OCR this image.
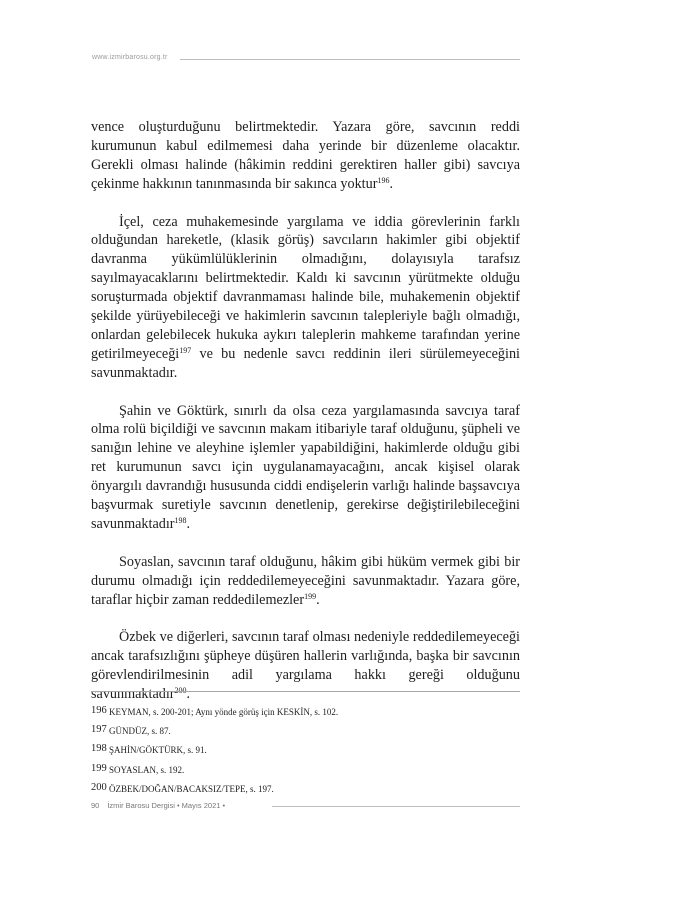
www.izmirbarosu.org.tr

vence oluşturduğunu belirtmektedir. Yazara göre, savcının reddi kurumunun kabul edilmemesi daha yerinde bir düzenleme olacaktır. Gerekli olması halinde (hâkimin reddini gerektiren haller gibi) savcıya çekinme hakkının tanınmasında bir sakınca yoktur$^{196}$.

İçel, ceza muhakemesinde yargılama ve iddia görevlerinin farklı olduğundan hareketle, (klasik görüş) savcıların hakimler gibi objektif davranma yükümlülüklerinin olmadığını, dolayısıyla tarafsız sayılmayacaklarını belirtmektedir. Kaldı ki savcının yürütmekte olduğu soruşturmada objektif davranmaması halinde bile, muhakemenin objektif şekilde yürüyebileceği ve hakimlerin savcının talepleriyle bağlı olmadığı, onlardan gelebilecek hukuka aykırı taleplerin mahkeme tarafından yerine getirilmeyeceği$^{197}$ ve bu nedenle savcı reddinin ileri sürülemeyeceğini savunmaktadır.

Şahin ve Göktürk, sınırlı da olsa ceza yargılamasında savcıya taraf olma rolü biçildiği ve savcının makam itibariyle taraf olduğunu, şüpheli ve sanığın lehine ve aleyhine işlemler yapabildiğini, hakimlerde olduğu gibi ret kurumunun savcı için uygulanamayacağını, ancak kişisel olarak önyargılı davrandığı hususunda ciddi endişelerin varlığı halinde başsavcıya başvurmak suretiyle savcının denetlenip, gerekirse değiştirilebileceğini savunmaktadır$^{198}$.

Soyaslan, savcının taraf olduğunu, hâkim gibi hüküm vermek gibi bir durumu olmadığı için reddedilemeyeceğini savunmaktadır. Yazara göre, taraflar hiçbir zaman reddedilemezler$^{199}$.

Özbek ve diğerleri, savcının taraf olması nedeniyle reddedilemeyeceği ancak tarafsızlığını şüpheye düşüren hallerin varlığında, başka bir savcının görevlendirilmesinin adil yargılama hakkı gereği olduğunu savunmaktadır$^{200}$.

196 KEYMAN, s. 200-201; Aynı yönde görüş için KESKİN, s. 102.
197 GÜNDÜZ, s. 87.
198 ŞAHİN/GÖKTÜRK, s. 91.
199 SOYASLAN, s. 192.
200 ÖZBEK/DOĞAN/BACAKSIZ/TEPE, s. 197.
90 İzmir Barosu Dergisi • Mayıs 2021 •
